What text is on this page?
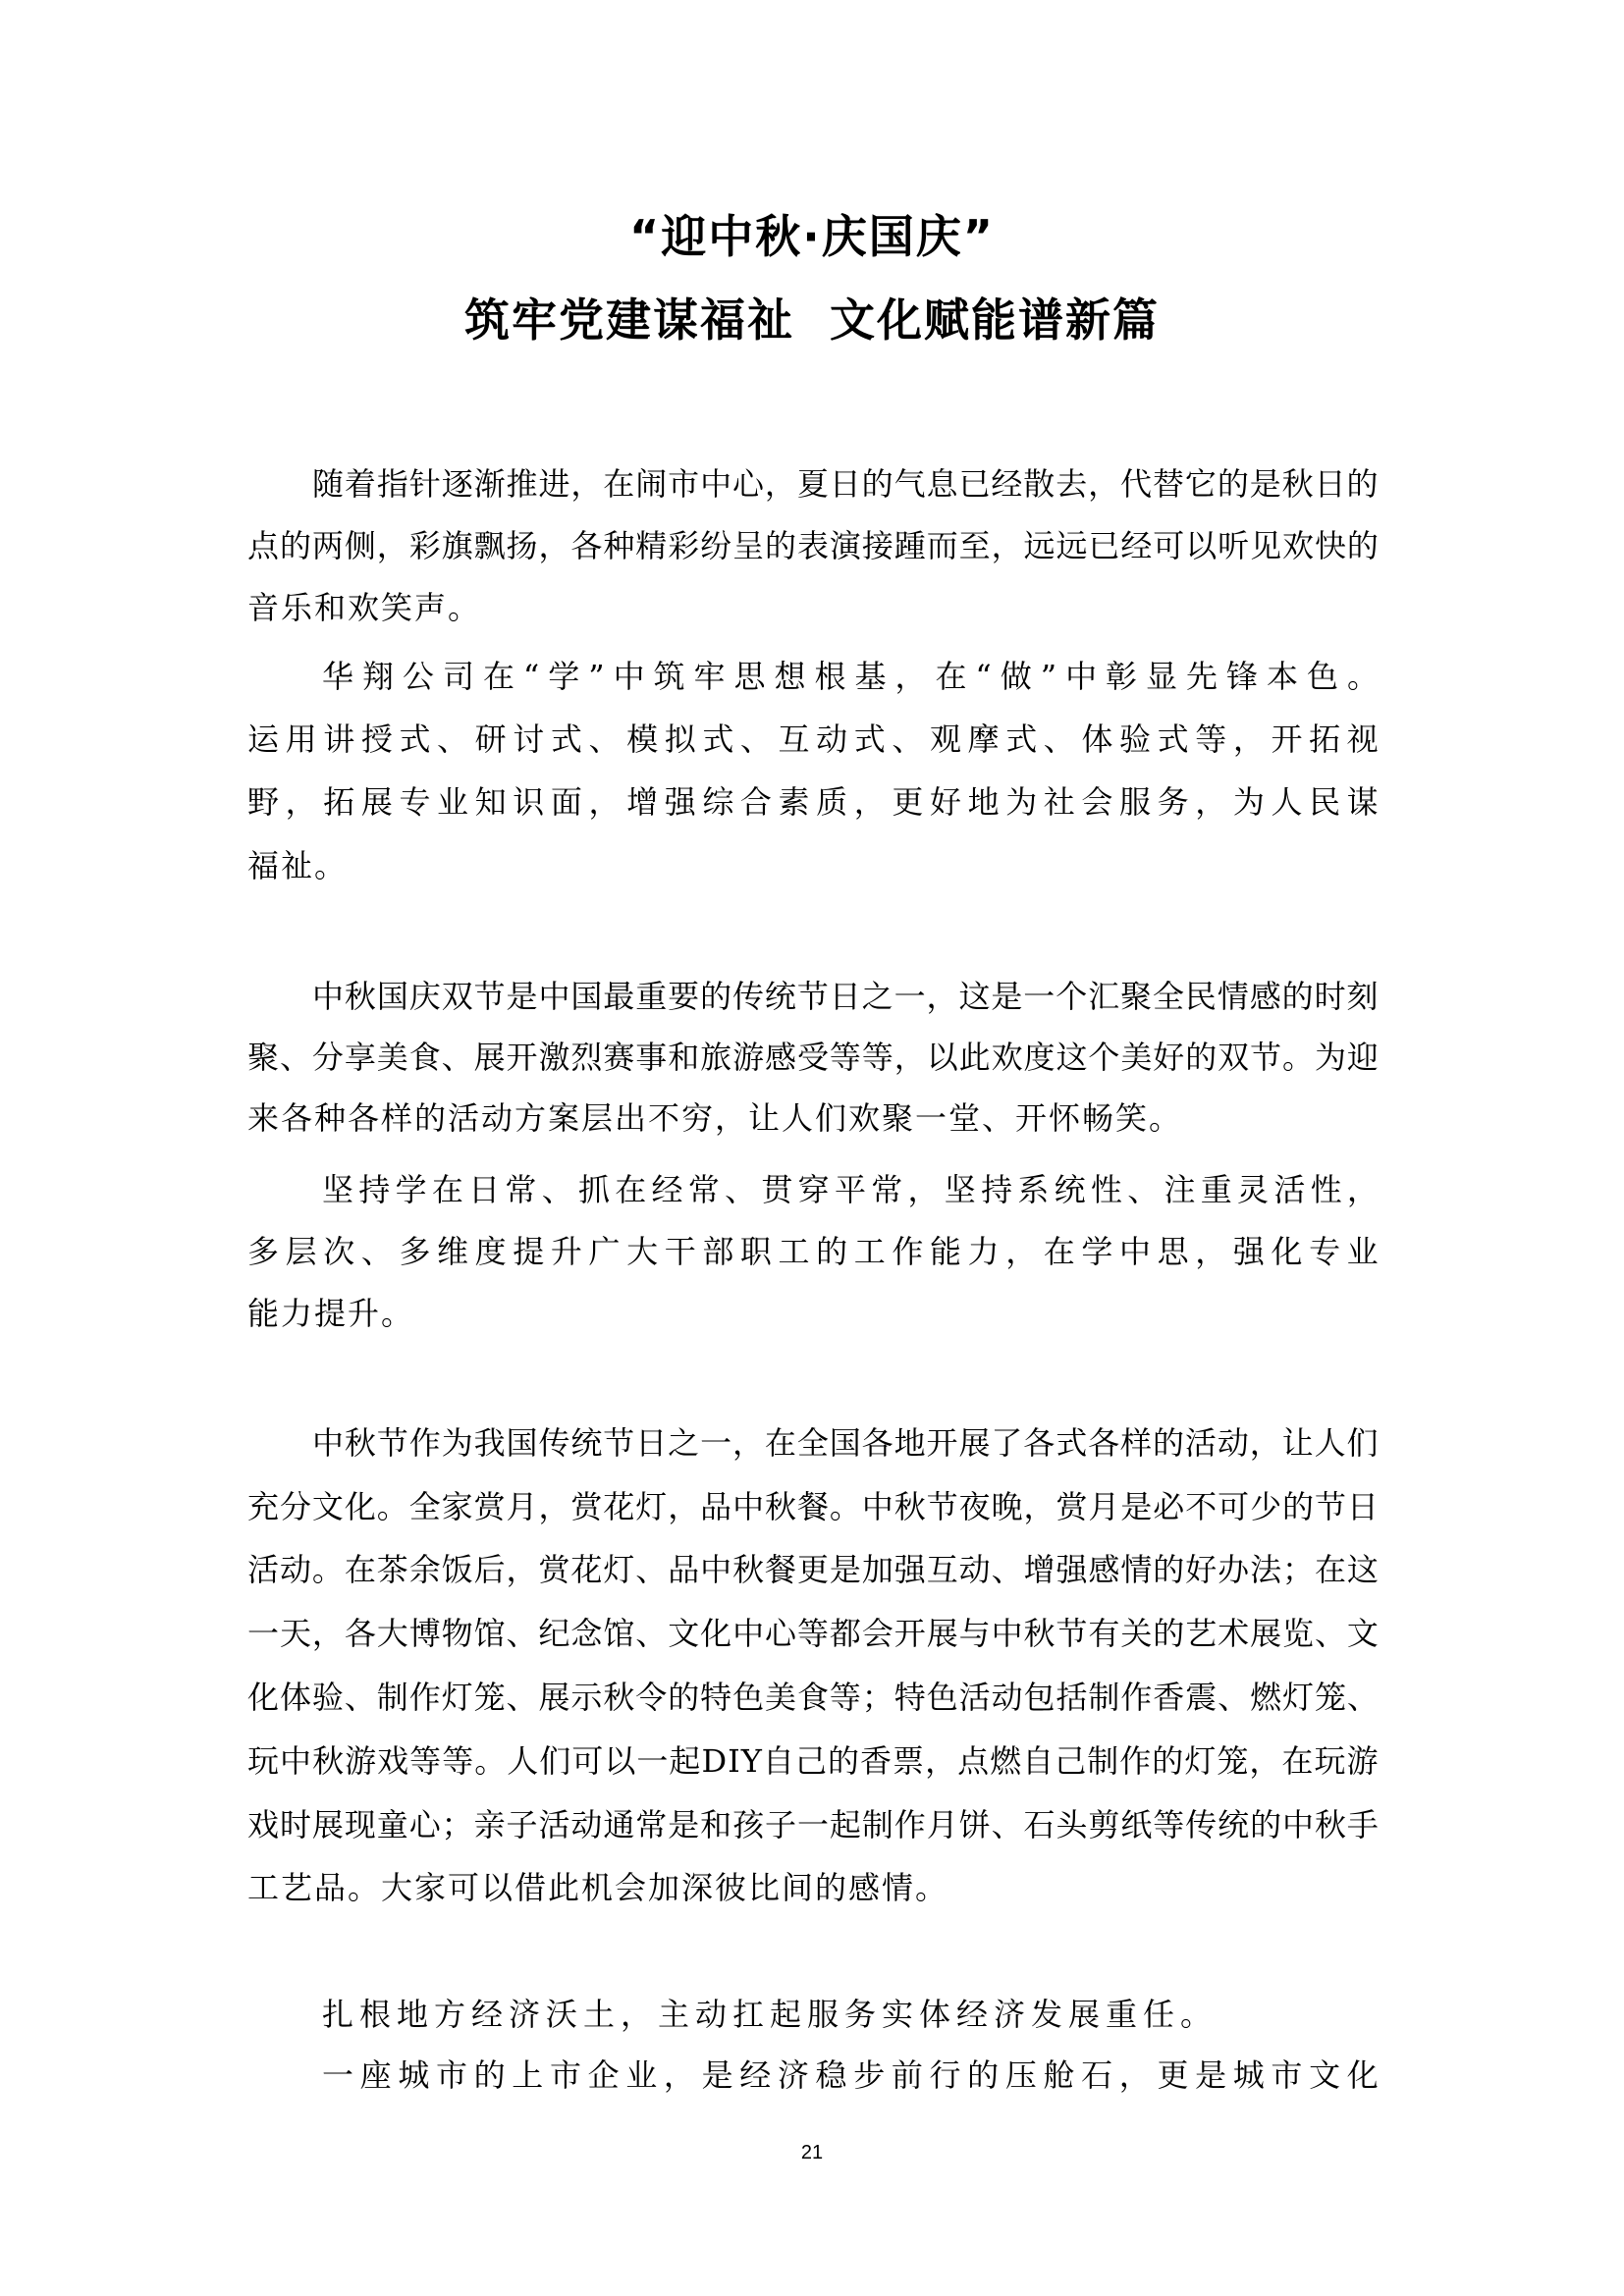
“迎中秋·庆国庆”
筑牢党建谋福祉  文化赋能谱新篇
随 着 指 针 逐 渐 推 进 ， 在 闹 市 中 心 ， 夏 日 的 气 息 已 经 散 去 ， 代 替 它 的 是 秋 日 的
点 的 两 侧 ， 彩 旗 飘 扬 ， 各 种 精 彩 纷 呈 的 表 演 接 踵 而 至 ， 远 远 已 经 可 以 听 见 欢 快 的
音乐和欢笑声。
华 翔 公 司 在 “ 学 ” 中 筑 牢 思 想 根 基 ， 在 “ 做 ” 中 彰 显 先 锋 本 色 。
运 用 讲 授 式 、 研 讨 式 、 模 拟 式 、 互 动 式 、 观 摩 式 、 体 验 式 等 ， 开 拓 视
野 ， 拓 展 专 业 知 识 面 ， 增 强 综 合 素 质 ， 更 好 地 为 社 会 服 务 ， 为 人 民 谋
福祉。
中 秋 国 庆 双 节 是 中 国 最 重 要 的 传 统 节 日 之 一 ， 这 是 一 个 汇 聚 全 民 情 感 的 时 刻
聚 、 分 享 美 食 、 展 开 激 烈 赛 事 和 旅 游 感 受 等 等 ， 以 此 欢 度 这 个 美 好 的 双 节 。 为 迎
来各种各样的活动方案层出不穷，让人们欢聚一堂、开怀畅笑。
坚 持 学 在 日 常 、 抓 在 经 常 、 贯 穿 平 常 ， 坚 持 系 统 性 、 注 重 灵 活 性 ，
多 层 次 、 多 维 度 提 升 广 大 干 部 职 工 的 工 作 能 力 ， 在 学 中 思 ， 强 化 专 业
能力提升。
中 秋 节 作 为 我 国 传 统 节 日 之 一 ， 在 全 国 各 地 开 展 了 各 式 各 样 的 活 动 ， 让 人 们
充 分 文 化 。 全 家 赏 月 ， 赏 花 灯 ， 品 中 秋 餐 。 中 秋 节 夜 晚 ， 赏 月 是 必 不 可 少 的 节 日
活 动 。 在 茶 余 饭 后 ， 赏 花 灯 、 品 中 秋 餐 更 是 加 强 互 动 、 增 强 感 情 的 好 办 法 ； 在 这
一 天 ， 各 大 博 物 馆 、 纪 念 馆 、 文 化 中 心 等 都 会 开 展 与 中 秋 节 有 关 的 艺 术 展 览 、 文
化 体 验 、 制 作 灯 笼 、 展 示 秋 令 的 特 色 美 食 等 ； 特 色 活 动 包 括 制 作 香 震 、 燃 灯 笼 、
玩 中 秋 游 戏 等 等 。 人 们 可 以 一 起 D I Y 自 己 的 香 票 ， 点 燃 自 己 制 作 的 灯 笼 ， 在 玩 游
戏 时 展 现 童 心 ； 亲 子 活 动 通 常 是 和 孩 子 一 起 制 作 月 饼 、 石 头 剪 纸 等 传 统 的 中 秋 手
工艺品。大家可以借此机会加深彼比间的感情。
扎根地方经济沃土，主动扛起服务实体经济发展重任。
一 座 城 市 的 上 市 企 业 ， 是 经 济 稳 步 前 行 的 压 舱 石 ， 更 是 城 市 文 化
21
